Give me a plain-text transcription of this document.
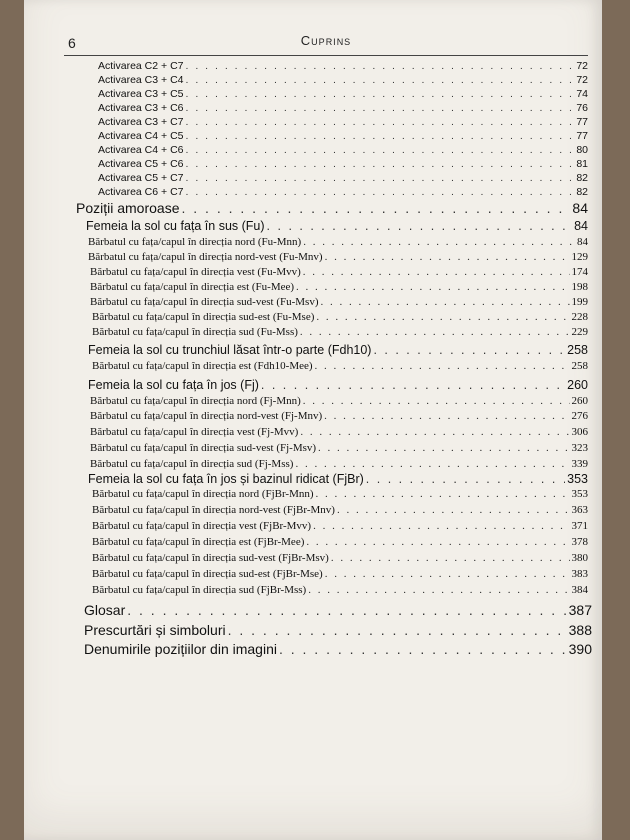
6	Cuprins
Activarea C2 + C7 . . .	72
Activarea C3 + C4 . . .	72
Activarea C3 + C5 . . .	74
Activarea C3 + C6 . . .	76
Activarea C3 + C7 . . .	77
Activarea C4 + C5 . . .	77
Activarea C4 + C6 . . .	80
Activarea C5 + C6 . . .	81
Activarea C5 + C7 . . .	82
Activarea C6 + C7 . . .	82
Poziții amoroase . . .	84
Femeia la sol cu fața în sus (Fu) . . .	84
Bărbatul cu fața/capul în direcția nord (Fu-Mnn) . . .	84
Bărbatul cu fața/capul în direcția nord-vest (Fu-Mnv) . . .	129
Bărbatul cu fața/capul în direcția vest (Fu-Mvv) . . .	174
Bărbatul cu fața/capul în direcția est (Fu-Mee) . . .	198
Bărbatul cu fața/capul în direcția sud-vest (Fu-Msv) . . .	199
Bărbatul cu fața/capul în direcția sud-est (Fu-Mse) . . .	228
Bărbatul cu fața/capul în direcția sud (Fu-Mss) . . .	229
Femeia la sol cu trunchiul lăsat într-o parte (Fdh10) . . .	258
Bărbatul cu fața/capul în direcția est (Fdh10-Mee) . . .	258
Femeia la sol cu fața în jos (Fj) . . .	260
Bărbatul cu fața/capul în direcția nord (Fj-Mnn) . . .	260
Bărbatul cu fața/capul în direcția nord-vest (Fj-Mnv) . . .	276
Bărbatul cu fața/capul în direcția vest (Fj-Mvv) . . .	306
Bărbatul cu fața/capul în direcția sud-vest (Fj-Msv) . . .	323
Bărbatul cu fața/capul în direcția sud (Fj-Mss) . . .	339
Femeia la sol cu fața în jos și bazinul ridicat (FjBr) . . .	353
Bărbatul cu fața/capul în direcția nord (FjBr-Mnn) . . .	353
Bărbatul cu fața/capul în direcția nord-vest (FjBr-Mnv) . . .	363
Bărbatul cu fața/capul în direcția vest (FjBr-Mvv) . . .	371
Bărbatul cu fața/capul în direcția est (FjBr-Mee) . . .	378
Bărbatul cu fața/capul în direcția sud-vest (FjBr-Msv) . . .	380
Bărbatul cu fața/capul în direcția sud-est (FjBr-Mse) . . .	383
Bărbatul cu fața/capul în direcția sud (FjBr-Mss) . . .	384
Glosar . . .	387
Prescurtări și simboluri . . .	388
Denumirile pozițiilor din imagini . . .	390
